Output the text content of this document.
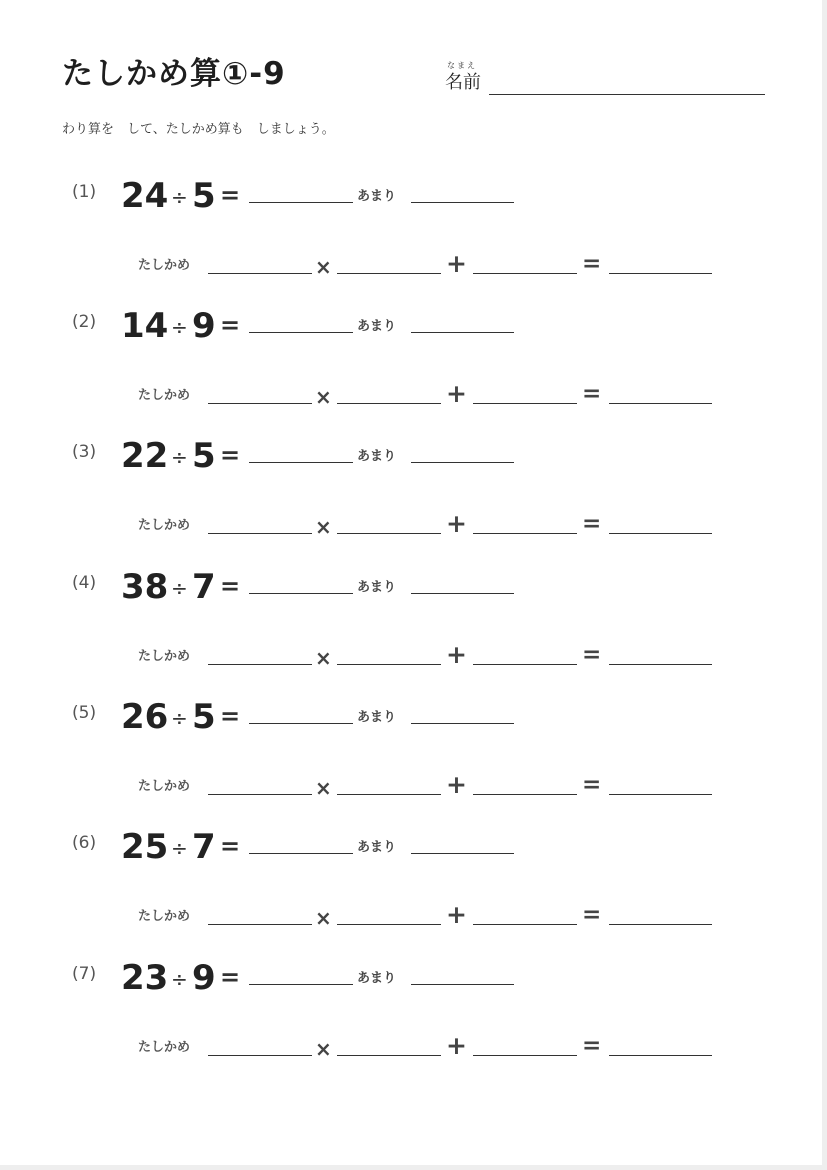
たしかめ算①-9	なまえ
名前
わり算を　して、たしかめ算も　しましょう。
(1) 24 ÷ 5 =	あまり
たしかめ	×	+	=
(2) 14 ÷ 9 =	あまり
たしかめ	×	+	=
(3) 22 ÷ 5 =	あまり
たしかめ	×	+	=
(4) 38 ÷ 7 =	あまり
たしかめ	×	+	=
(5) 26 ÷ 5 =	あまり
たしかめ	×	+	=
(6) 25 ÷ 7 =	あまり
たしかめ	×	+	=
(7) 23 ÷ 9 =	あまり
たしかめ	×	+	=
